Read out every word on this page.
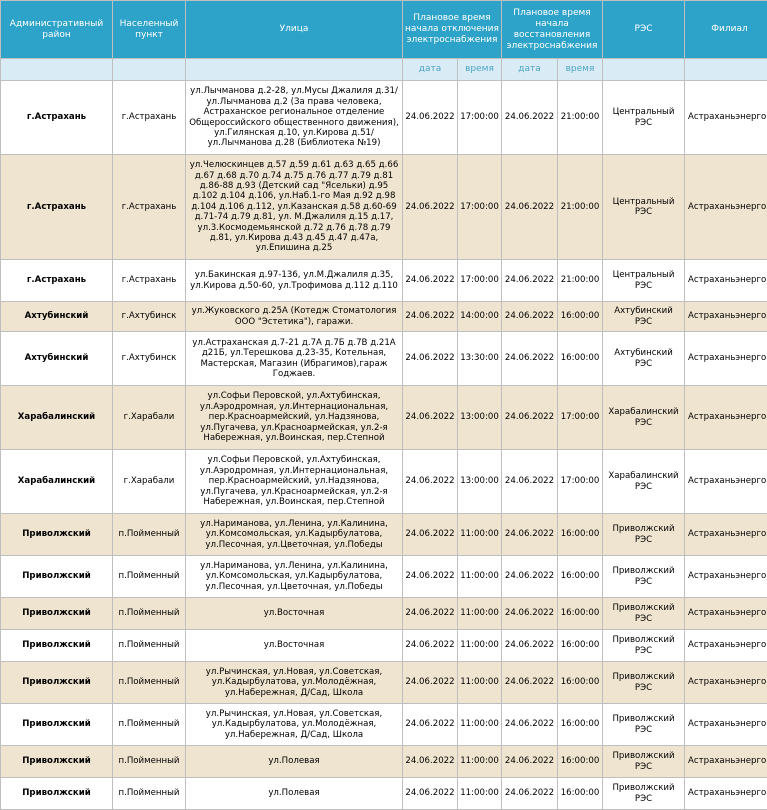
Административный район	Населенный пункт	Улица	Плановое время начала отключения электроснабжения		Плановое время начала восстановления электроснабжения		РЭС	Филиал
			дата	время	дата	время		
г.Астрахань	г.Астрахань	ул.Лычманова д.2-28, ул.Мусы Джалиля д.31/ ул.Лычманова д.2 (За права человека, Астраханское региональное отделение Общероссийского общественного движения), ул.Гилянская д.10, ул.Кирова д.51/ ул.Лычманова д.28 (Библиотека №19)	24.06.2022	17:00:00	24.06.2022	21:00:00	Центральный РЭС	Астраханьэнерго
г.Астрахань	г.Астрахань	ул.Челюскинцев д.57 д.59 д.61 д.63 д.65 д.66 д.67 д.68 д.70 д.74 д.75 д.76 д.77 д.79 д.81 д.86-88 д.93 (Детский сад "Ясельки) д.95 д.102 д.104 д.106, ул.Наб.1-го Мая д.92 д.98 д.104 д.106 д.112, ул.Казанская д.58 д.60-69 д.71-74 д.79 д.81, ул. М.Джалиля д.15 д.17, ул.3.Космодемьянской д.72 д.76 д.78 д.79 д.81, ул.Кирова д.43 д.45 д.47 д.47а, ул.Епишина д.25	24.06.2022	17:00:00	24.06.2022	21:00:00	Центральный РЭС	Астраханьэнерго
г.Астрахань	г.Астрахань	ул.Бакинская д.97-136, ул.М.Джалиля д.35, ул.Кирова д.50-60, ул.Трофимова д.112 д.110	24.06.2022	17:00:00	24.06.2022	21:00:00	Центральный РЭС	Астраханьэнерго
Ахтубинский	г.Ахтубинск	ул.Жуковского д.25А (Котедж Стоматология ООО "Эстетика"), гаражи.	24.06.2022	14:00:00	24.06.2022	16:00:00	Ахтубинский РЭС	Астраханьэнерго
Ахтубинский	г.Ахтубинск	ул.Астраханская д.7-21 д.7А д.7Б д.7В д.21А д21Б, ул.Терешкова д.23-35, Котельная, Мастерская, Магазин (Ибрагимов),гараж Годжаев.	24.06.2022	13:30:00	24.06.2022	16:00:00	Ахтубинский РЭС	Астраханьэнерго
Харабалинский	г.Харабали	ул.Софьи Перовской, ул.Ахтубинская, ул.Аэродромная, ул.Интернациональная, пер.Красноармейский, ул.Надзянова, ул.Пугачева, ул.Красноармейская, ул.2-я Набережная, ул.Воинская, пер.Степной	24.06.2022	13:00:00	24.06.2022	17:00:00	Харабалинский РЭС	Астраханьэнерго
Харабалинский	г.Харабали	ул.Софьи Перовской, ул.Ахтубинская, ул.Аэродромная, ул.Интернациональная, пер.Красноармейский, ул.Надзянова, ул.Пугачева, ул.Красноармейская, ул.2-я Набережная, ул.Воинская, пер.Степной	24.06.2022	13:00:00	24.06.2022	17:00:00	Харабалинский РЭС	Астраханьэнерго
Приволжский	п.Пойменный	ул.Нариманова, ул.Ленина, ул.Калинина, ул.Комсомольская, ул.Кадырбулатова, ул.Песочная, ул.Цветочная, ул.Победы	24.06.2022	11:00:00	24.06.2022	16:00:00	Приволжский РЭС	Астраханьэнерго
Приволжский	п.Пойменный	ул.Нариманова, ул.Ленина, ул.Калинина, ул.Комсомольская, ул.Кадырбулатова, ул.Песочная, ул.Цветочная, ул.Победы	24.06.2022	11:00:00	24.06.2022	16:00:00	Приволжский РЭС	Астраханьэнерго
Приволжский	п.Пойменный	ул.Восточная	24.06.2022	11:00:00	24.06.2022	16:00:00	Приволжский РЭС	Астраханьэнерго
Приволжский	п.Пойменный	ул.Восточная	24.06.2022	11:00:00	24.06.2022	16:00:00	Приволжский РЭС	Астраханьэнерго
Приволжский	п.Пойменный	ул.Рычинская, ул.Новая, ул.Советская, ул.Кадырбулатова, ул.Молодёжная, ул.Набережная, Д/Сад, Школа	24.06.2022	11:00:00	24.06.2022	16:00:00	Приволжский РЭС	Астраханьэнерго
Приволжский	п.Пойменный	ул.Рычинская, ул.Новая, ул.Советская, ул.Кадырбулатова, ул.Молодёжная, ул.Набережная, Д/Сад, Школа	24.06.2022	11:00:00	24.06.2022	16:00:00	Приволжский РЭС	Астраханьэнерго
Приволжский	п.Пойменный	ул.Полевая	24.06.2022	11:00:00	24.06.2022	16:00:00	Приволжский РЭС	Астраханьэнерго
Приволжский	п.Пойменный	ул.Полевая	24.06.2022	11:00:00	24.06.2022	16:00:00	Приволжский РЭС	Астраханьэнерго
